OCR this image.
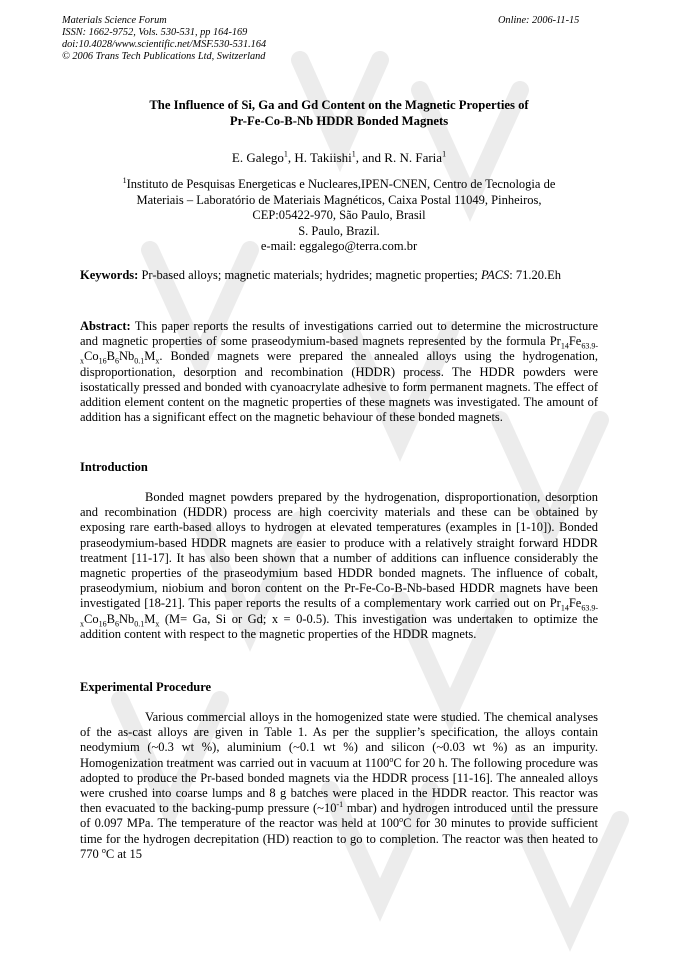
Materials Science Forum
ISSN: 1662-9752, Vols. 530-531, pp 164-169
doi:10.4028/www.scientific.net/MSF.530-531.164
© 2006 Trans Tech Publications Ltd, Switzerland
Online: 2006-11-15
The Influence of Si, Ga and Gd Content on the Magnetic Properties of
Pr-Fe-Co-B-Nb HDDR Bonded Magnets
E. Galego$^1$, H. Takiishi$^1$, and R. N. Faria$^1$
$^1$Instituto de Pesquisas Energeticas e Nucleares,IPEN-CNEN, Centro de Tecnologia de
Materiais – Laboratório de Materiais Magnéticos, Caixa Postal 11049, Pinheiros,
CEP:05422-970, São Paulo, Brasil
S. Paulo, Brazil.
e-mail: eggalego@terra.com.br

Keywords: Pr-based alloys; magnetic materials; hydrides; magnetic properties; PACS: 71.20.Eh

Abstract: This paper reports the results of investigations carried out to determine the microstructure and magnetic properties of some praseodymium-based magnets represented by the formula $Pr_{14}Fe_{63.9-x}Co_{16}B_6Nb_{0.1}M_x$. Bonded magnets were prepared the annealed alloys using the hydrogenation, disproportionation, desorption and recombination (HDDR) process. The HDDR powders were isostatically pressed and bonded with cyanoacrylate adhesive to form permanent magnets. The effect of addition element content on the magnetic properties of these magnets was investigated. The amount of addition has a significant effect on the magnetic behaviour of these bonded magnets.

Introduction

Bonded magnet powders prepared by the hydrogenation, disproportionation, desorption and recombination (HDDR) process are high coercivity materials and these can be obtained by exposing rare earth-based alloys to hydrogen at elevated temperatures (examples in [1-10]). Bonded praseodymium-based HDDR magnets are easier to produce with a relatively straight forward HDDR treatment [11-17]. It has also been shown that a number of additions can influence considerably the magnetic properties of the praseodymium based HDDR bonded magnets. The influence of cobalt, praseodymium, niobium and boron content on the Pr-Fe-Co-B-Nb-based HDDR magnets have been investigated [18-21]. This paper reports the results of a complementary work carried out on $Pr_{14}Fe_{63.9-x}Co_{16}B_6Nb_{0.1}M_x$ (M= Ga, Si or Gd; x = 0-0.5). This investigation was undertaken to optimize the addition content with respect to the magnetic properties of the HDDR magnets.

Experimental Procedure

Various commercial alloys in the homogenized state were studied. The chemical analyses of the as-cast alloys are given in Table 1. As per the supplier’s specification, the alloys contain neodymium (~0.3 wt %), aluminium (~0.1 wt %) and silicon (~0.03 wt %) as an impurity. Homogenization treatment was carried out in vacuum at 1100$^o$C for 20 h. The following procedure was adopted to produce the Pr-based bonded magnets via the HDDR process [11-16]. The annealed alloys were crushed into coarse lumps and 8 g batches were placed in the HDDR reactor. This reactor was then evacuated to the backing-pump pressure ($\sim 10^{-1}$ mbar) and hydrogen introduced until the pressure of 0.097 MPa. The temperature of the reactor was held at 100$^o$C for 30 minutes to provide sufficient time for the hydrogen decrepitation (HD) reaction to go to completion. The reactor was then heated to 770 $^o$C at 15
